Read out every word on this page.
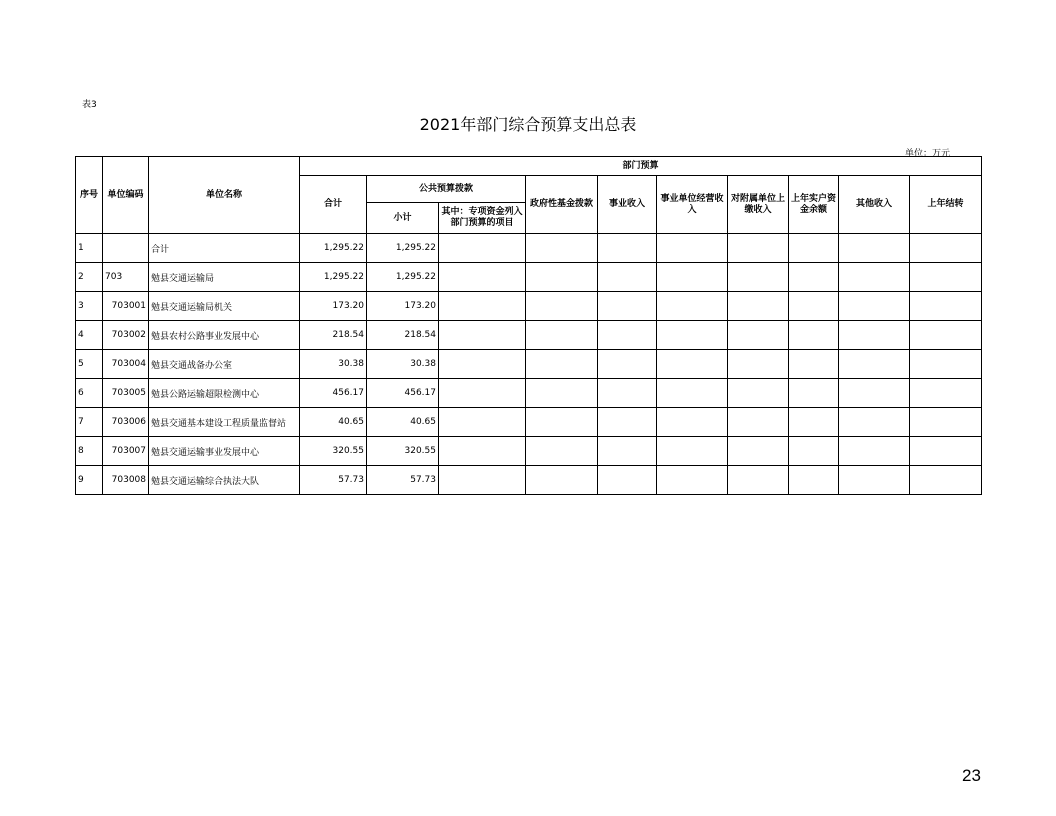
表3
2021年部门综合预算支出总表
单位：万元
序号	单位编码	单位名称	部门预算									
			合计	公共预算拨款		政府性基金拨款	事业收入	事业单位经营收入	对附属单位上缴收入	上年实户资金余额	其他收入	上年结转
				小计	其中：专项资金列入部门预算的项目							
1		合计	1,295.22	1,295.22								
2	703	勉县交通运输局	1,295.22	1,295.22								
3	703001	勉县交通运输局机关	173.20	173.20								
4	703002	勉县农村公路事业发展中心	218.54	218.54								
5	703004	勉县交通战备办公室	30.38	30.38								
6	703005	勉县公路运输超限检测中心	456.17	456.17								
7	703006	勉县交通基本建设工程质量监督站	40.65	40.65								
8	703007	勉县交通运输事业发展中心	320.55	320.55								
9	703008	勉县交通运输综合执法大队	57.73	57.73								
23
